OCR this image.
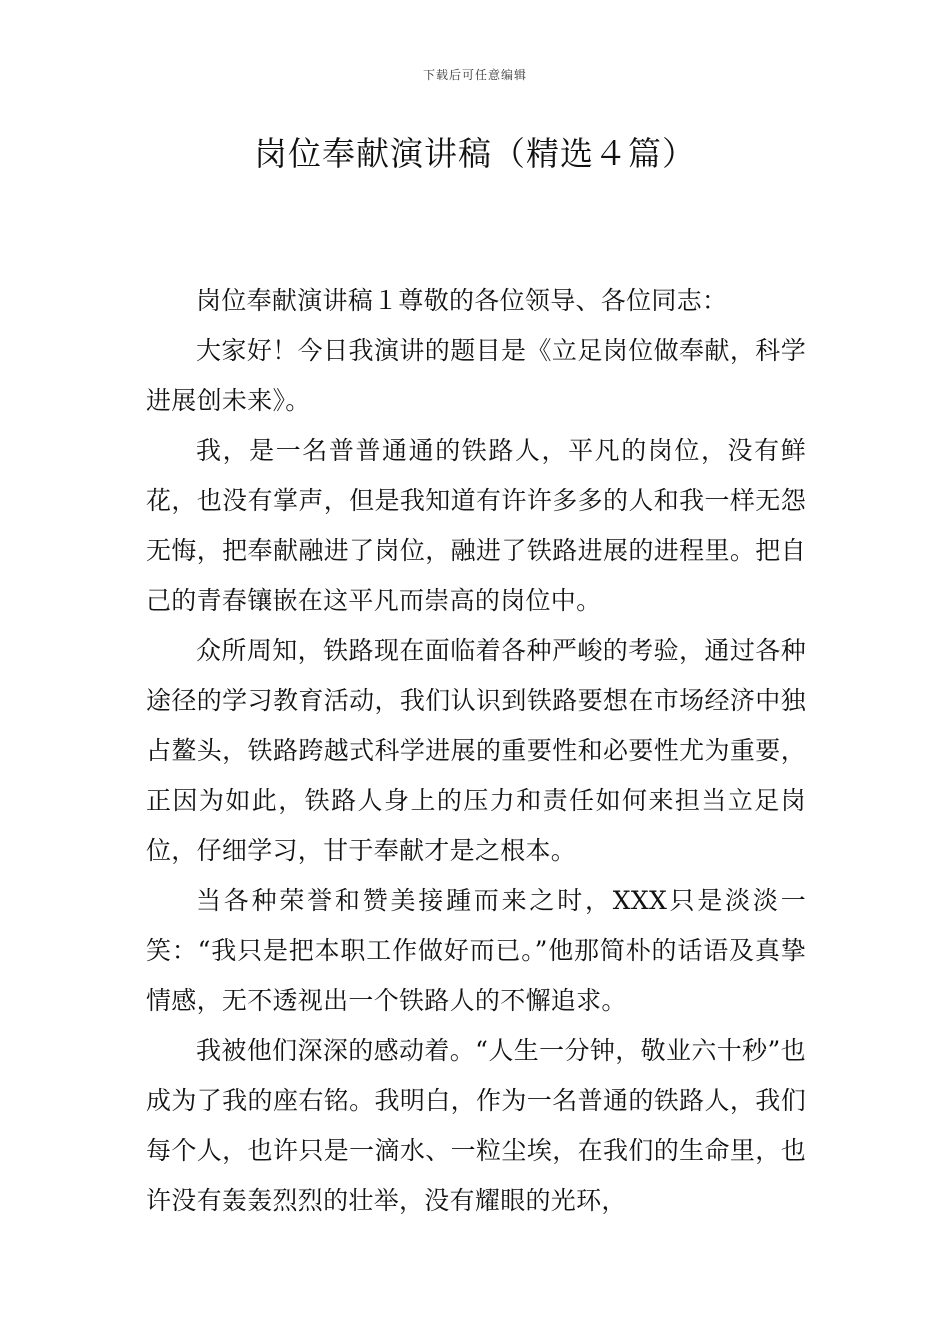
下载后可任意编辑
岗位奉献演讲稿（精选４篇）

岗位奉献演讲稿１尊敬的各位领导、各位同志：

大家好！今日我演讲的题目是《立足岗位做奉献，科学进展创未来》。

我，是一名普普通通的铁路人，平凡的岗位，没有鲜花，也没有掌声，但是我知道有许许多多的人和我一样无怨无悔，把奉献融进了岗位，融进了铁路进展的进程里。把自己的青春镶嵌在这平凡而崇高的岗位中。

众所周知，铁路现在面临着各种严峻的考验，通过各种途径的学习教育活动，我们认识到铁路要想在市场经济中独占鳌头，铁路跨越式科学进展的重要性和必要性尤为重要，正因为如此，铁路人身上的压力和责任如何来担当立足岗位，仔细学习，甘于奉献才是之根本。

当各种荣誉和赞美接踵而来之时，XXX只是淡淡一笑：“我只是把本职工作做好而已。”他那简朴的话语及真挚情感，无不透视出一个铁路人的不懈追求。

我被他们深深的感动着。“人生一分钟，敬业六十秒”也成为了我的座右铭。我明白，作为一名普通的铁路人，我们每个人，也许只是一滴水、一粒尘埃，在我们的生命里，也许没有轰轰烈烈的壮举，没有耀眼的光环，
